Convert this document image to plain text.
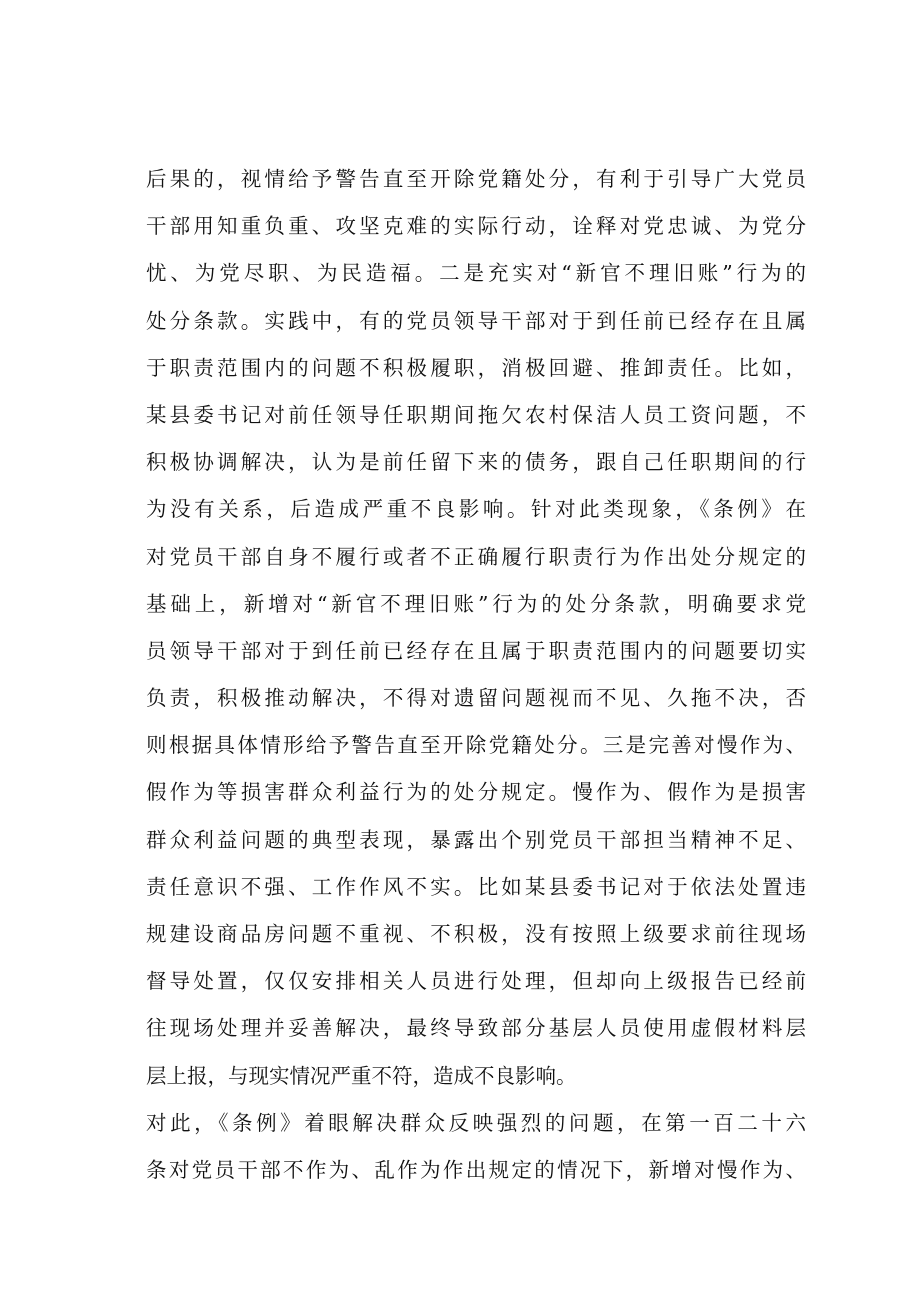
后果的，视情给予警告直至开除党籍处分，有利于引导广大党员
干部用知重负重、攻坚克难的实际行动，诠释对党忠诚、为党分
忧、为党尽职、为民造福。二是充实对“新官不理旧账”行为的
处分条款。实践中，有的党员领导干部对于到任前已经存在且属
于职责范围内的问题不积极履职，消极回避、推卸责任。比如，
某县委书记对前任领导任职期间拖欠农村保洁人员工资问题，不
积极协调解决，认为是前任留下来的债务，跟自己任职期间的行
为没有关系，后造成严重不良影响。针对此类现象，《条例》在
对党员干部自身不履行或者不正确履行职责行为作出处分规定的
基础上，新增对“新官不理旧账”行为的处分条款，明确要求党
员领导干部对于到任前已经存在且属于职责范围内的问题要切实
负责，积极推动解决，不得对遗留问题视而不见、久拖不决，否
则根据具体情形给予警告直至开除党籍处分。三是完善对慢作为、
假作为等损害群众利益行为的处分规定。慢作为、假作为是损害
群众利益问题的典型表现，暴露出个别党员干部担当精神不足、
责任意识不强、工作作风不实。比如某县委书记对于依法处置违
规建设商品房问题不重视、不积极，没有按照上级要求前往现场
督导处置，仅仅安排相关人员进行处理，但却向上级报告已经前
往现场处理并妥善解决，最终导致部分基层人员使用虚假材料层
层上报，与现实情况严重不符，造成不良影响。
对此，《条例》着眼解决群众反映强烈的问题，在第一百二十六
条对党员干部不作为、乱作为作出规定的情况下，新增对慢作为、
